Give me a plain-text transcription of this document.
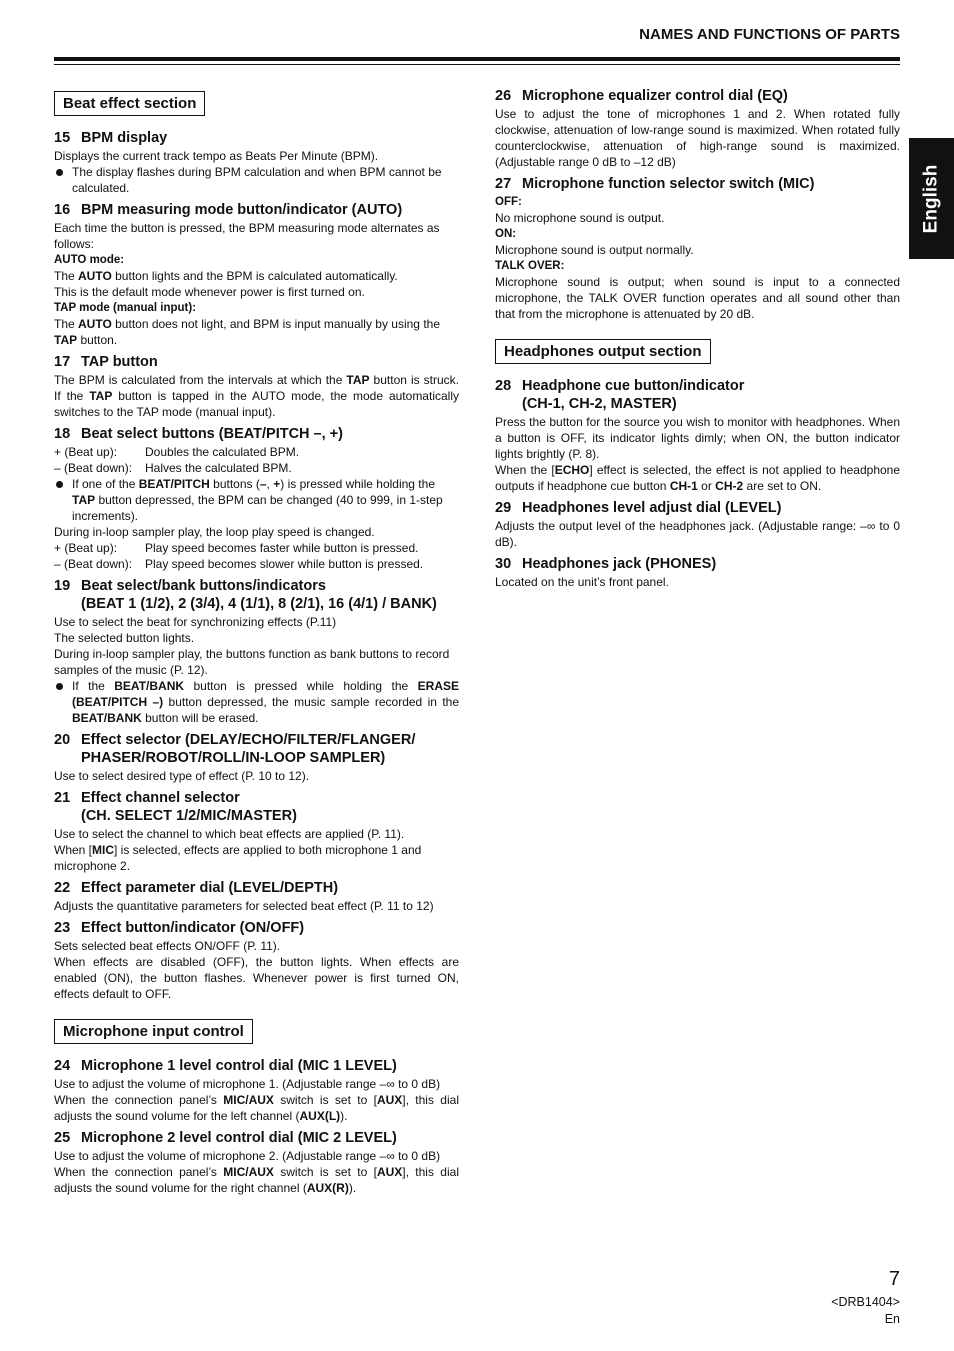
NAMES AND FUNCTIONS OF PARTS
English
Beat effect section
15 BPM display

Displays the current track tempo as Beats Per Minute (BPM).

The display flashes during BPM calculation and when BPM cannot be calculated.

16 BPM measuring mode button/indicator (AUTO)

Each time the button is pressed, the BPM measuring mode alternates as follows:

AUTO mode:

The AUTO button lights and the BPM is calculated automatically.

This is the default mode whenever power is first turned on.

TAP mode (manual input):

The AUTO button does not light, and BPM is input manually by using the TAP button.

17 TAP button

The BPM is calculated from the intervals at which the TAP button is struck. If the TAP button is tapped in the AUTO mode, the mode automatically switches to the TAP mode (manual input).

18 Beat select buttons (BEAT/PITCH –, +)

+ (Beat up):	Doubles the calculated BPM.

– (Beat down):	Halves the calculated BPM.

If one of the BEAT/PITCH buttons (–, +) is pressed while holding the TAP button depressed, the BPM can be changed (40 to 999, in 1-step increments).

During in-loop sampler play, the loop play speed is changed.

+ (Beat up):	Play speed becomes faster while button is pressed.

– (Beat down):	Play speed becomes slower while button is pressed.

19 Beat select/bank buttons/indicators
(BEAT 1 (1/2), 2 (3/4), 4 (1/1), 8 (2/1), 16 (4/1) / BANK)

Use to select the beat for synchronizing effects (P.11)

The selected button lights.

During in-loop sampler play, the buttons function as bank buttons to record samples of the music (P. 12).

If the BEAT/BANK button is pressed while holding the ERASE (BEAT/PITCH –) button depressed, the music sample recorded in the BEAT/BANK button will be erased.

20 Effect selector (DELAY/ECHO/FILTER/FLANGER/
PHASER/ROBOT/ROLL/IN-LOOP SAMPLER)

Use to select desired type of effect (P. 10 to 12).

21 Effect channel selector
(CH. SELECT 1/2/MIC/MASTER)

Use to select the channel to which beat effects are applied (P. 11).

When [MIC] is selected, effects are applied to both microphone 1 and microphone 2.

22 Effect parameter dial (LEVEL/DEPTH)

Adjusts the quantitative parameters for selected beat effect (P. 11 to 12)

23 Effect button/indicator (ON/OFF)

Sets selected beat effects ON/OFF (P. 11).

When effects are disabled (OFF), the button lights. When effects are enabled (ON), the button flashes. Whenever power is first turned ON, effects default to OFF.

Microphone input control
24 Microphone 1 level control dial (MIC 1 LEVEL)

Use to adjust the volume of microphone 1. (Adjustable range –∞ to 0 dB)

When the connection panel’s MIC/AUX switch is set to [AUX], this dial adjusts the sound volume for the left channel (AUX(L)).

25 Microphone 2 level control dial (MIC 2 LEVEL)

Use to adjust the volume of microphone 2. (Adjustable range –∞ to 0 dB)

When the connection panel’s MIC/AUX switch is set to [AUX], this dial adjusts the sound volume for the right channel (AUX(R)).

26 Microphone equalizer control dial (EQ)

Use to adjust the tone of microphones 1 and 2. When rotated fully clockwise, attenuation of low-range sound is maximized. When rotated fully counterclockwise, attenuation of high-range sound is maximized. (Adjustable range 0 dB to –12 dB)

27 Microphone function selector switch (MIC)

OFF:

No microphone sound is output.

ON:

Microphone sound is output normally.

TALK OVER:

Microphone sound is output; when sound is input to a connected microphone, the TALK OVER function operates and all sound other than that from the microphone is attenuated by 20 dB.

Headphones output section
28 Headphone cue button/indicator
(CH-1, CH-2, MASTER)

Press the button for the source you wish to monitor with headphones. When a button is OFF, its indicator lights dimly; when ON, the button indicator lights brightly (P. 8).

When the [ECHO] effect is selected, the effect is not applied to headphone outputs if headphone cue button CH-1 or CH-2 are set to ON.

29 Headphones level adjust dial (LEVEL)

Adjusts the output level of the headphones jack. (Adjustable range: –∞ to 0 dB).

30 Headphones jack (PHONES)

Located on the unit’s front panel.

7
<DRB1404>
En
